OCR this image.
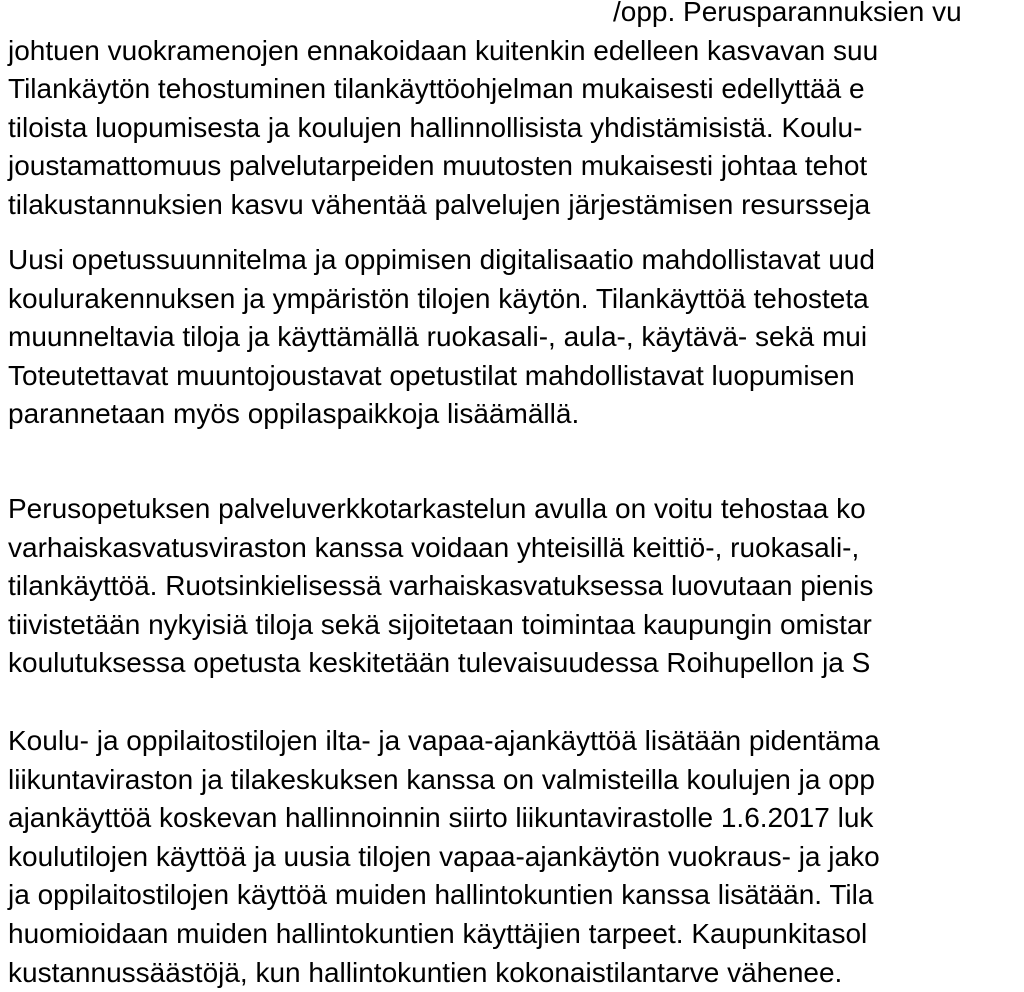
/opp. Perusparannuksien vu
johtuen vuokramenojen ennakoidaan kuitenkin edelleen kasvavan suu
Tilankäytön tehostuminen tilankäyttöohjelman mukaisesti edellyttää e
tiloista luopumisesta ja koulujen hallinnollisista yhdistämisistä. Koulu-
joustamattomuus palvelutarpeiden muutosten mukaisesti johtaa tehot
tilakustannuksien kasvu vähentää palvelujen järjestämisen resursseja
Uusi opetussuunnitelma ja oppimisen digitalisaatio mahdollistavat uud
koulurakennuksen ja ympäristön tilojen käytön. Tilankäyttöä tehosteta
muunneltavia tiloja ja käyttämällä ruokasali-, aula-, käytävä- sekä mui
Toteutettavat muuntojoustavat opetustilat mahdollistavat luopumisen
parannetaan myös oppilaspaikkoja lisäämällä.
Perusopetuksen palveluverkkotarkastelun avulla on voitu tehostaa ko
varhaiskasvatusviraston kanssa voidaan yhteisillä keittiö-, ruokasali-,
tilankäyttöä. Ruotsinkielisessä varhaiskasvatuksessa luovutaan pienis
tiivistetään nykyisiä tiloja sekä sijoitetaan toimintaa kaupungin omistar
koulutuksessa opetusta keskitetään tulevaisuudessa Roihupellon ja S
Koulu- ja oppilaitostilojen ilta- ja vapaa-ajankäyttöä lisätään pidentäma
liikuntaviraston ja tilakeskuksen kanssa on valmisteilla koulujen ja opp
ajankäyttöä koskevan hallinnoinnin siirto liikuntavirastolle 1.6.2017 luk
koulutilojen käyttöä ja uusia tilojen vapaa-ajankäytön vuokraus- ja jako
ja oppilaitostilojen käyttöä muiden hallintokuntien kanssa lisätään. Tila
huomioidaan muiden hallintokuntien käyttäjien tarpeet. Kaupunkitasol
kustannussäästöjä, kun hallintokuntien kokonaistilantarve vähenee.
